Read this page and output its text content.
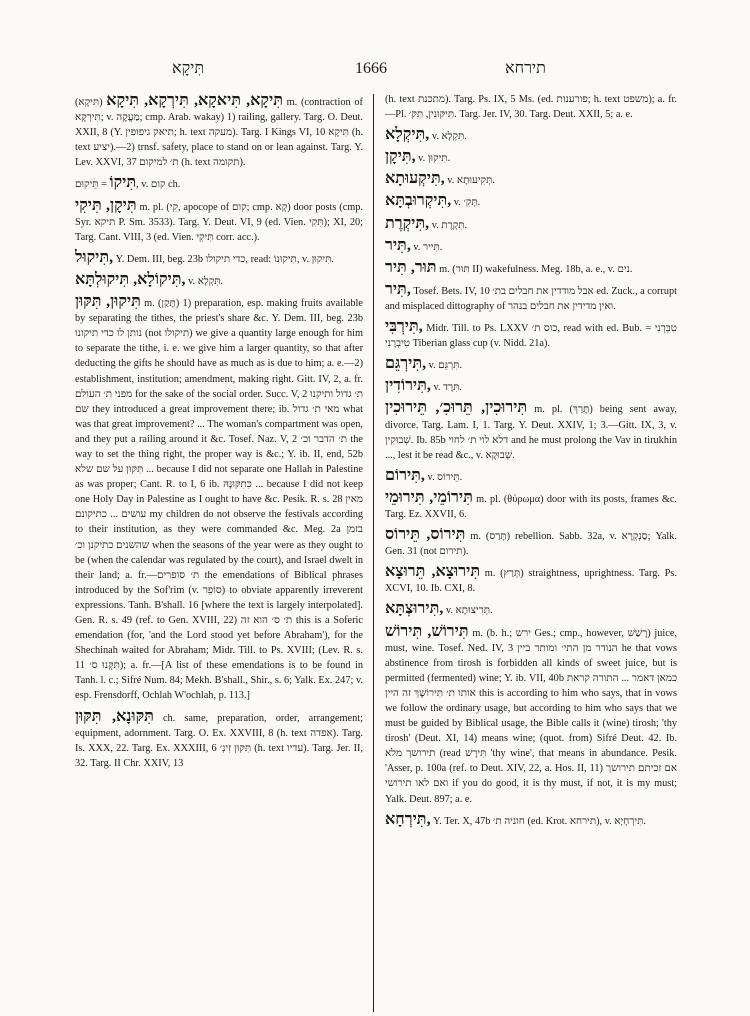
תִּיקָא	1666	תירחא
תִּיקָא, תִּיאקָא, תִּירְקָא, תִּיקָא (תִּיקָא) m. (contraction of תִּירְקָא; v. מַעֲקֶה; cmp. Arab. wakay) 1) railing, gallery. Targ. O. Deut. XXII, 8 (Y. תיאק גיפופין; h. text מעקה). Targ. I Kings VI, 10 תִּיקָא (h. text יציע).—2) trnsf. safety, place to stand on or lean against. Targ. Y. Lev. XXVI, 37 ת׳ למיקום (h. text תקומה).
תִּיקוֹ = תֵּיקוּם, v. קום ch.
תִּיקָן, תִּיקִי m. pl. (קִי, apocope of קום; cmp. קָא) door posts (cmp. Syr. תיקא P. Sm. 3533). Targ. Y. Deut. VI, 9 (ed. Vien. תִּקִי); XI, 20; Targ. Cant. VIII, 3 (ed. Vien. תִּיקִי corr. acc.).
תִּיקוּל, Y. Dem. III, beg. 23b כדי תיקולו, read: תִּיקוּנוֹ, v. תִּיקוּן.
תִּיקוֹלָא, תִּיקוּלְתָּא, v. תִּקְלָא.
תִּיקוּן, תִּקּוּן m. (תָּקַן) 1) preparation, esp. making fruits available by separating the tithes, the priest's share &c. Y. Dem. III, beg. 23b נותן לו כדי תיקונו (not תיקולו) we give a quantity large enough for him to separate the tithe, i. e. we give him a larger quantity, so that after deducting the gifts he should have as much as is due to him; a. e.—2) establishment, institution; amendment, making right. Gitt. IV, 2, a. fr. מפני ת׳ העולם for the sake of the social order. Succ. V, 2 ת׳ גדול ותיקנו שם they introduced a great improvement there; ib. מאי ת׳ גדול what was that great improvement? ... The woman's compartment was open, and they put a railing around it &c. Tosef. Naz. V, 2 ת׳ הדבר וכ׳ the way to set the thing right, the proper way is &c.; Y. ib. II, end, 52b תִּקּוּן על שם שלא ... because I did not separate one Hallah in Palestine as was proper; Cant. R. to I, 6 ib. כִּתִקּוּנָהּ ... because I did not keep one Holy Day in Palestine as I ought to have &c. Pesik. R. s. 28 מאין עושים ... כתיקונם my children do not observe the festivals according to their institution, as they were commanded &c. Meg. 2a בזמן שהשנים כתיקנן וכ׳ when the seasons of the year were as they ought to be (when the calendar was regulated by the court), and Israel dwelt in their land; a. fr.—ת׳ סופרים the emendations of Biblical phrases introduced by the Sof'rim (v. סוֹפֵר) to obviate apparently irreverent expressions. Tanh. B'shall. 16 [where the text is largely interpolated]. Gen. R. s. 49 (ref. to Gen. XVIII, 22) ת׳ ס׳ הוא זה this is a Soferic emendation (for, 'and the Lord stood yet before Abraham'), for the Shechinah waited for Abraham; Midr. Till. to Ps. XVIII; (Lev. R. s. 11 תִּקְּנוּ ס׳); a. fr.—[A list of these emendations is to be found in Tanh. l. c.; Sifré Num. 84; Mekh. B'shall., Shir., s. 6; Yalk. Ex. 247; v. esp. Frensdorff, Ochlah W'ochlah, p. 113.]
תִּקּוּנָא, תִּקּוּן ch. same, preparation, order, arrangement; equipment, adornment. Targ. O. Ex. XXVIII, 8 (h. text אפדה). Targ. Is. XXX, 22. Targ. Ex. XXXIII, 6 תִּקּוּן זִינְ׳ (h. text עדיו). Targ. Jer. II, 32. Targ. II Chr. XXIV, 13
(h. text מתכנת). Targ. Ps. IX, 5 Ms. (ed. פורענות; h. text משפט); a. fr.—Pl. תִּיקּוּנִין, תִּקּ׳. Targ. Jer. IV, 30. Targ. Deut. XXII, 5; a. e.
תִּיקְלָא, v. תִּקְלָא.
תִּיקָן, v. תִּיקוּן.
תִּיקְעוּתָא, v. תְּקִיעוּתָא.
תִּיקְרוּבְתָּא, v. תְּקִ׳.
תִּיקְרֶת, v. תִּקְרֶת.
תִּיר, v. תִּייר.
תּוּר, תִּיר m. (תּוּר II) wakefulness. Meg. 18b, a. e., v. נים.
תִּיר, Tosef. Bets. IV, 10 אבל מודדין את חבלים בת׳ ed. Zuck., a corrupt and misplaced dittography of ואין מדידין את חבלים בנהר.
תִּירְבִּי, Midr. Till. to Ps. LXXV כוס ת׳, read with ed. Bub. טִבֵּרְנִי = טִיבְרָנִי Tiberian glass cup (v. Nidd. 21a).
תִּירְגֵּם, v. תִּרְגֵּם.
תִּירוֹדִין, v. תִּרָד.
תִּירוּכִין, תֵּרוּכִ׳, תֵּירוּכִין m. pl. (תָּרַךְ) being sent away, divorce. Targ. Lam. I, 1. Targ. Y. Deut. XXIV, 1; 3.—Gitt. IX, 3, v. שְׁבוּקִין. Ib. 85b דלא לוי ת׳ לחוי and he must prolong the Vav in tirukhin ..., lest it be read &c., v. שְׁבוּקָא.
תִּירוֹם, v. תֵּירוֹס.
תִּירוֹמֵי, תִּירוּמֵי m. pl. (θύρωμα) door with its posts, frames &c. Targ. Ez. XXVII, 6.
תִּירוֹס, תֵּירוֹס m. (תָּרַס) rebellion. Sabb. 32a, v. סַנְקְרָא; Yalk. Gen. 31 (not תירום).
תִּירוּצָא, תֵּרוּצָא m. (תְּרַץ) straightness, uprightness. Targ. Ps. XCVI, 10. Ib. CXI, 8.
תִּירוּצְתָּא, v. תְּרִיצוּתָא.
תִּירוֹשׁ, תִּירוֹשׁ m. (b. h.; ירש Ges.; cmp., however, רָשַׁשׁ) juice, must, wine. Tosef. Ned. IV, 3 הנודר מן התי׳ ומותר ביין he that vows abstinence from tirosh is forbidden all kinds of sweet juice, but is permitted (fermented) wine; Y. ib. VII, 40b כמאן דאמר ... התורה קראת אותו ת׳ תִּירוֹשָׁךְ זה היין this is according to him who says, that in vows we follow the ordinary usage, but according to him who says that we must be guided by Biblical usage, the Bible calls it (wine) tirosh; 'thy tirosh' (Deut. XI, 14) means wine; (quot. from) Sifré Deut. 42. Ib. תירושך מלא (read תִּירָשׁ 'thy wine', that means in abundance. Pesik. 'Asser, p. 100a (ref. to Deut. XIV, 22, a. Hos. II, 11) אם זכיתם תירושך ואם לאו תירושי if you do good, it is thy must, if not, it is my must; Yalk. Deut. 897; a. e.
תִּירְחָא, Y. Ter. X, 47b חוניה ת׳ (ed. Krot. תירחא), v. תִּירְחָיָא.
